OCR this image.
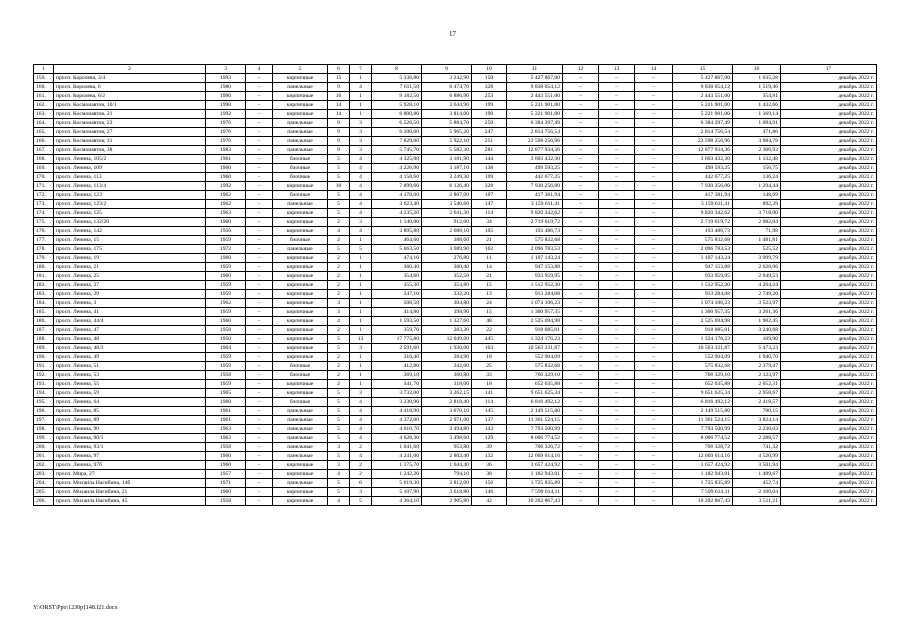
17
1	2	3	4	5	6	7	8	9	10	11	12	13	14	15	16	17
159.	просп. Королева, 3/4	1993	–	кирпичные	15	1	5 336,80	3 242,90	150	5 427 867,00	–	–	–	5 427 867,00	1 035,28	декабрь 2022 г.
160.	просп. Королева, 6	1980	–	панельные	9	4	7 611,50	6 474,70	328	9 838 054,12	–	–	–	9 838 054,12	1 519,46	декабрь 2022 г.
161.	просп. Королева, 6/2	1990	–	кирпичные	16	1	9 182,50	6 886,90	253	2 443 551,00	–	–	–	2 443 551,00	354,81	декабрь 2022 г.
162.	просп. Космонавтов, 10/1	1990	–	кирпичные	14	1	5 928,10	3 644,90	199	5 221 901,00	–	–	–	5 221 901,00	1 432,66	декабрь 2022 г.
163.	просп. Космонавтов, 21	1992	–	кирпичные	14	1	6 800,80	3 814,00	190	5 221 901,00	–	–	–	5 221 901,00	1 369,14	декабрь 2022 г.
164.	просп. Космонавтов, 23	1976	–	панельные	9	3	6 526,50	5 884,70	259	6 384 397,49	–	–	–	6 384 397,49	1 084,91	декабрь 2022 г.
165.	просп. Космонавтов, 27	1976	–	панельные	9	3	6 100,60	5 965,20	247	2 814 756,54	–	–	–	2 814 756,54	471,86	декабрь 2022 г.
166.	просп. Космонавтов, 31	1976	–	панельные	9	3	7 829,00	5 922,10	251	23 598 256,96	–	–	–	23 598 256,96	3 984,78	декабрь 2022 г.
167.	просп. Космонавтов, 38	1983	–	панельные	9	3	5 745,70	5 582,30	281	12 877 934,36	–	–	–	12 877 934,36	2 306,93	декабрь 2022 г.
168.	просп. Ленина, 105/2	1961	–	блочные	5	4	4 325,00	3 181,90	144	3 603 432,30	–	–	–	3 603 432,30	1 132,48	декабрь 2022 г.
169.	просп. Ленина, 109	1960	–	блочные	5	4	4 226,90	3 187,10	138	499 593,25	–	–	–	499 593,25	156,75	декабрь 2022 г.
170.	просп. Ленина, 113	1960	–	блочные	5	4	4 158,60	3 249,30	109	442 677,25	–	–	–	442 677,25	136,24	декабрь 2022 г.
171.	просп. Ленина, 113/4	1992	–	кирпичные	10	4	7 899,60	6 126,40	328	7 930 256,00	–	–	–	7 930 256,00	1 294,44	декабрь 2022 г.
172.	просп. Ленина, 123	1962	–	блочные	5	4	4 178,00	2 807,00	107	417 381,94	–	–	–	417 381,94	148,69	декабрь 2022 г.
173.	просп. Ленина, 123/2	1962	–	панельные	5	4	3 623,40	3 540,60	147	3 159 611,41	–	–	–	3 159 611,41	892,39	декабрь 2022 г.
174.	просп. Ленина, 125	1963	–	кирпичные	5	4	4 235,20	2 641,30	114	9 820 342,62	–	–	–	9 820 342,62	3 718,00	декабрь 2022 г.
175.	просп. Ленина, 132/20	1960	–	кирпичные	2	3	1 140,00	912,00	34	2 719 619,72	–	–	–	2 719 619,72	2 982,04	декабрь 2022 г.
176.	просп. Ленина, 142	1956	–	кирпичные	4	4	3 895,80	2 688,10	105	193 486,73	–	–	–	193 486,73	71,98	декабрь 2022 г.
177.	просп. Ленина, 15	1959	–	блочные	2	1	464,60	388,60	21	575 832,68	–	–	–	575 832,68	1 481,81	декабрь 2022 г.
178.	просп. Ленина, 175	1972	–	панельные	5	5	5 663,50	3 989,90	162	2 096 783,53	–	–	–	2 096 783,53	525,52	декабрь 2022 г.
179.	просп. Ленина, 19	1960	–	кирпичные	2	1	474,10	276,80	11	1 107 143,24	–	–	–	1 107 143,24	3 999,79	декабрь 2022 г.
180.	просп. Ленина, 21	1959	–	кирпичные	2	1	360,40	360,40	14	947 153,88	–	–	–	947 153,88	2 628,06	декабрь 2022 г.
181.	просп. Ленина, 25	1960	–	кирпичные	2	1	354,60	352,50	21	933 959,95	–	–	–	933 959,95	2 649,53	декабрь 2022 г.
182.	просп. Ленина, 27	1959	–	кирпичные	2	1	355,30	354,80	15	1 512 952,30	–	–	–	1 512 952,30	4 264,24	декабрь 2022 г.
183.	просп. Ленина, 29	1959	–	кирпичные	2	1	347,10	332,20	13	913 284,08	–	–	–	913 284,08	2 749,20	декабрь 2022 г.
184.	просп. Ленина, 3	1962	–	кирпичные	3	1	508,50	304,80	24	1 074 106,23	–	–	–	1 074 106,23	3 523,97	декабрь 2022 г.
185.	просп. Ленина, 41	1959	–	кирпичные	3	1	414,80	398,90	15	1 300 957,35	–	–	–	1 300 957,35	3 261,36	декабрь 2022 г.
186.	просп. Ленина, 44/4	1960	–	кирпичные	4	1	1 593,50	1 327,60	48	2 525 694,98	–	–	–	2 525 694,98	1 902,45	декабрь 2022 г.
187.	просп. Ленина, 47	1958	–	кирпичные	2	1	359,70	283,30	22	918 085,01	–	–	–	918 085,01	3 240,68	декабрь 2022 г.
188.	просп. Ленина, 48	1950	–	кирпичные	5	13	17 775,80	12 049,00	445	1 324 176,23	–	–	–	1 324 176,23	109,90	декабрь 2022 г.
189.	просп. Ленина, 48/3	1964	–	кирпичные	5	3	2 591,60	1 930,00	103	10 563 331,87	–	–	–	10 563 331,87	5 473,23	декабрь 2022 г.
190.	просп. Ленина, 49	1959	–	кирпичные	2	1	316,40	284,90	18	552 904,09	–	–	–	552 904,09	1 940,70	декабрь 2022 г.
191.	просп. Ленина, 51	1959	–	блочные	2	1	412,80	242,00	25	575 832,68	–	–	–	575 832,68	2 379,47	декабрь 2022 г.
192.	просп. Ленина, 53	1958	–	блочные	2	1	369,10	360,80	33	766 329,10	–	–	–	766 329,10	2 123,97	декабрь 2022 г.
193.	просп. Ленина, 55	1959	–	кирпичные	2	1	341,70	318,00	18	652 635,88	–	–	–	652 635,88	2 052,31	декабрь 2022 г.
194.	просп. Ленина, 59	1965	–	кирпичные	5	3	3 732,00	3 262,15	141	9 651 625,34	–	–	–	9 651 625,34	2 958,67	декабрь 2022 г.
195.	просп. Ленина, 64	1960	–	блочные	5	4	3 230,90	2 818,40	114	6 816 492,12	–	–	–	6 816 492,12	2 418,57	декабрь 2022 г.
196.	просп. Ленина, 85	1961	–	панельные	5	4	4 418,90	3 070,10	145	2 149 515,80	–	–	–	2 149 515,80	700,15	декабрь 2022 г.
197.	просп. Ленина, 89	1961	–	панельные	5	4	4 372,00	2 971,00	137	11 361 524,15	–	–	–	11 361 524,15	3 824,14	декабрь 2022 г.
198.	просп. Ленина, 90	1963	–	панельные	5	4	4 610,70	3 494,80	143	7 793 500,99	–	–	–	7 793 500,99	2 230,03	декабрь 2022 г.
199.	просп. Ленина, 90/1	1963	–	панельные	5	4	4 628,30	3 498,60	129	8 006 774,52	–	–	–	8 006 774,52	2 288,57	декабрь 2022 г.
200.	просп. Ленина, 93/1	1958	–	панельные	3	2	1 041,60	953,80	39	706 326,72	–	–	–	706 326,72	741,32	декабрь 2022 г.
201.	просп. Ленина, 97	1960	–	панельные	5	4	4 241,00	2 802,40	132	12 669 614,16	–	–	–	12 669 614,16	4 520,99	декабрь 2022 г.
202.	просп. Ленина, 97б	1960	–	кирпичные	3	2	1 175,70	1 044,40	36	3 657 424,92	–	–	–	3 657 424,92	3 501,94	декабрь 2022 г.
203.	просп. Мира, 27	1957	–	кирпичные	4	2	1 242,20	794,10	38	1 182 943,01	–	–	–	1 182 943,01	1 489,67	декабрь 2022 г.
204.	просп. Михаила Нагибина, 14б	1971	–	панельные	5	6	5 019,30	3 812,00	156	1 725 835,89	–	–	–	1 725 835,89	452,74	декабрь 2022 г.
205.	просп. Михаила Нагибина, 21	1960	–	кирпичные	5	3	5 107,90	3 618,80	146	7 599 614,11	–	–	–	7 599 614,11	2 100,04	декабрь 2022 г.
206.	просп. Михаила Нагибина, 45	1958	–	кирпичные	4	5	4 364,10	2 905,80	42	10 202 867,43	–	–	–	10 202 867,43	3 511,21	декабрь 2022 г.
Y:\ORST\Ppo\1230p1148.f21.docx
